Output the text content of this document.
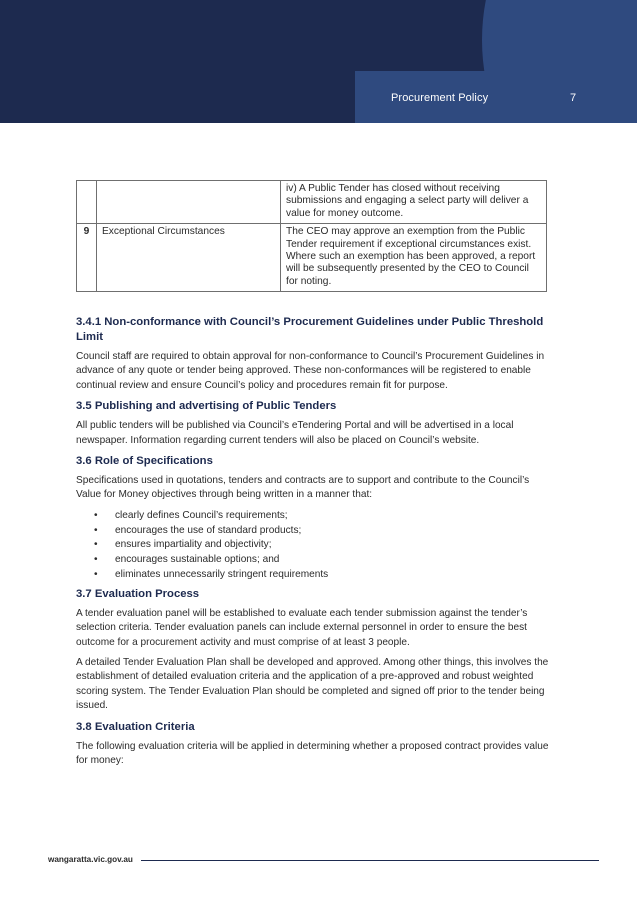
Procurement Policy	7
		iv) A Public Tender has closed without receiving submissions and engaging a select party will deliver a value for money outcome.
9	Exceptional Circumstances	The CEO may approve an exemption from the Public Tender requirement if exceptional circumstances exist. Where such an exemption has been approved, a report will be subsequently presented by the CEO to Council for noting.
3.4.1 Non-conformance with Council’s Procurement Guidelines under Public Threshold Limit

Council staff are required to obtain approval for non-conformance to Council’s Procurement Guidelines in advance of any quote or tender being approved. These non-conformances will be registered to enable continual review and ensure Council’s policy and procedures remain fit for purpose.

3.5 Publishing and advertising of Public Tenders

All public tenders will be published via Council’s eTendering Portal and will be advertised in a local newspaper. Information regarding current tenders will also be placed on Council’s website.

3.6 Role of Specifications

Specifications used in quotations, tenders and contracts are to support and contribute to the Council’s Value for Money objectives through being written in a manner that:

• clearly defines Council’s requirements;
• encourages the use of standard products;
• ensures impartiality and objectivity;
• encourages sustainable options; and
• eliminates unnecessarily stringent requirements
3.7 Evaluation Process

A tender evaluation panel will be established to evaluate each tender submission against the tender’s selection criteria. Tender evaluation panels can include external personnel in order to ensure the best outcome for a procurement activity and must comprise of at least 3 people.

A detailed Tender Evaluation Plan shall be developed and approved. Among other things, this involves the establishment of detailed evaluation criteria and the application of a pre-approved and robust weighted scoring system. The Tender Evaluation Plan should be completed and signed off prior to the tender being issued.

3.8 Evaluation Criteria

The following evaluation criteria will be applied in determining whether a proposed contract provides value for money:

wangaratta.vic.gov.au
